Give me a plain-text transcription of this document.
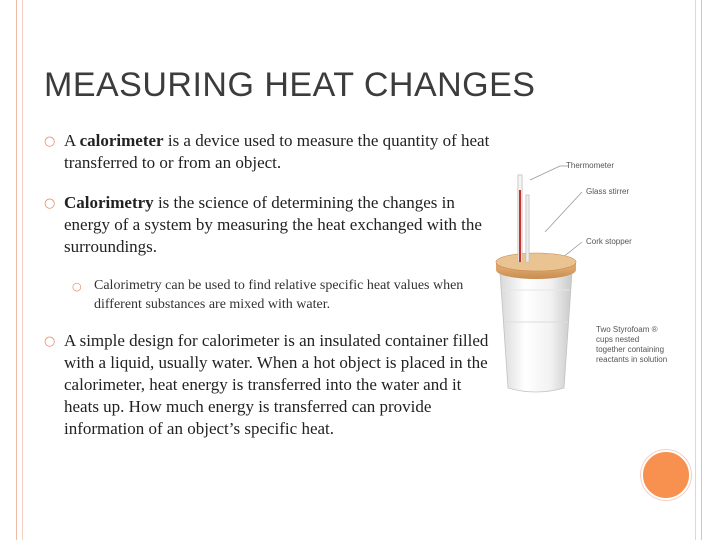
MEASURING HEAT CHANGES
○ A calorimeter is a device used to measure the quantity of heat transferred to or from an object.
○ Calorimetry is the science of determining the changes in energy of a system by measuring the heat exchanged with the surroundings.
○ Calorimetry can be used to find relative specific heat values when different substances are mixed with water.
○ A simple design for calorimeter is an insulated container filled with a liquid, usually water. When a hot object is placed in the calorimeter, heat energy is transferred into the water and it heats up. How much energy is transferred can provide information of an object’s specific heat.
Thermometer
Glass stirrer
Cork stopper
Two Styrofoam ®
cups nested
together containing
reactants in solution
